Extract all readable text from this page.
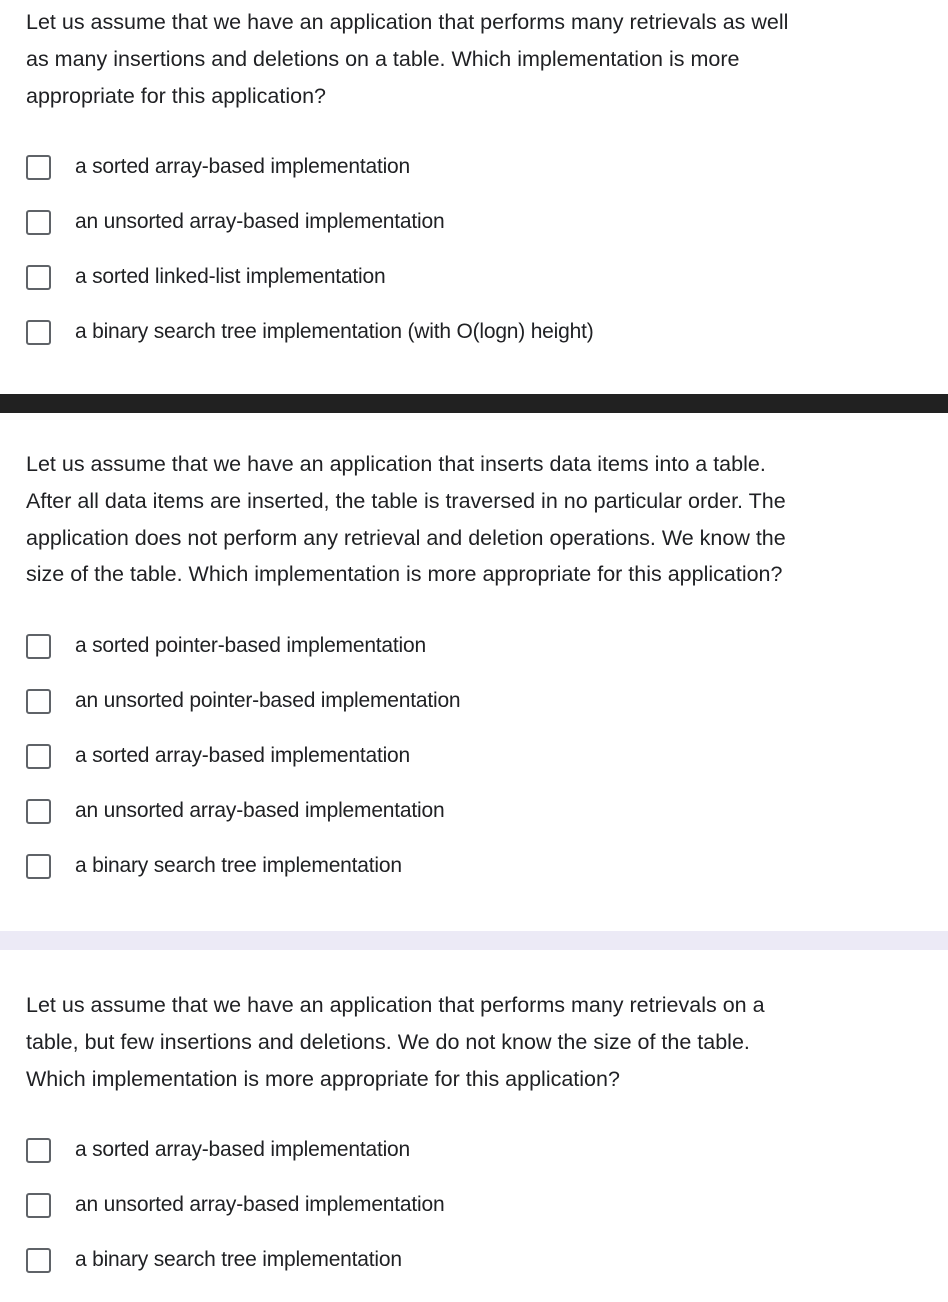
Let us assume that we have an application that performs many retrievals as well
as many insertions and deletions on a table. Which implementation is more
appropriate for this application?

a sorted array-based implementation
an unsorted array-based implementation
a sorted linked-list implementation
a binary search tree implementation (with O(logn) height)

Let us assume that we have an application that inserts data items into a table.
After all data items are inserted, the table is traversed in no particular order. The
application does not perform any retrieval and deletion operations. We know the
size of the table. Which implementation is more appropriate for this application?

a sorted pointer-based implementation
an unsorted pointer-based implementation
a sorted array-based implementation
an unsorted array-based implementation
a binary search tree implementation

Let us assume that we have an application that performs many retrievals on a
table, but few insertions and deletions. We do not know the size of the table.
Which implementation is more appropriate for this application?

a sorted array-based implementation
an unsorted array-based implementation
a binary search tree implementation
